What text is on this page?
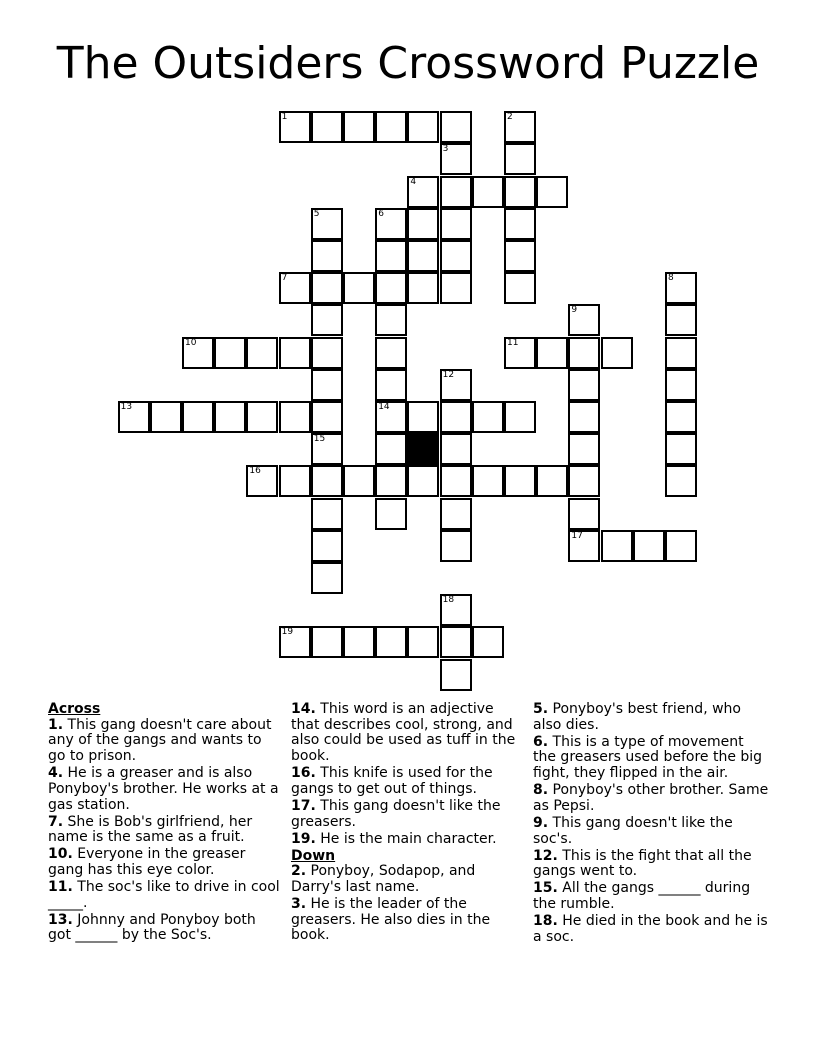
The Outsiders Crossword Puzzle
1	2
3
4
5	6
7	8
9
10	11
12
13	14
15
16
17
18
19
Across
1. This gang doesn't care about any of the gangs and wants to go to prison.
4. He is a greaser and is also Ponyboy's brother. He works at a gas station.
7. She is Bob's girlfriend, her name is the same as a fruit.
10. Everyone in the greaser gang has this eye color.
11. The soc's like to drive in cool _____.
13. Johnny and Ponyboy both got ______ by the Soc's.
14. This word is an adjective that describes cool, strong, and also could be used as tuff in the book.
16. This knife is used for the gangs to get out of things.
17. This gang doesn't like the greasers.
19. He is the main character.
Down
2. Ponyboy, Sodapop, and Darry's last name.
3. He is the leader of the greasers. He also dies in the book.
5. Ponyboy's best friend, who also dies.
6. This is a type of movement the greasers used before the big fight, they flipped in the air.
8. Ponyboy's other brother. Same as Pepsi.
9. This gang doesn't like the soc's.
12. This is the fight that all the gangs went to.
15. All the gangs ______ during the rumble.
18. He died in the book and he is a soc.
